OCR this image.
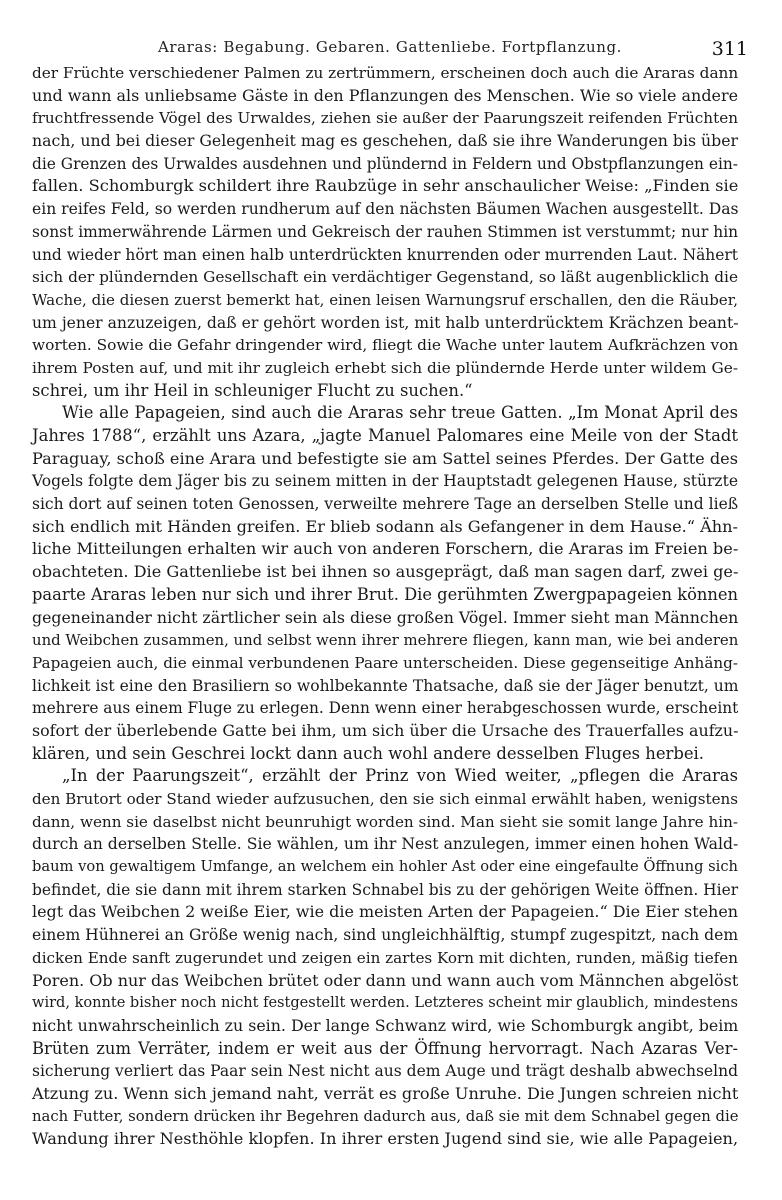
Araras: Begabung. Gebaren. Gattenliebe. Fortpflanzung.	311
der Früchte verschiedener Palmen zu zertrümmern, erscheinen doch auch die Araras dann
und wann als unliebsame Gäste in den Pflanzungen des Menschen. Wie so viele andere
fruchtfressende Vögel des Urwaldes, ziehen sie außer der Paarungszeit reifenden Früchten
nach, und bei dieser Gelegenheit mag es geschehen, daß sie ihre Wanderungen bis über
die Grenzen des Urwaldes ausdehnen und plündernd in Feldern und Obstpflanzungen ein-
fallen. Schomburgk schildert ihre Raubzüge in sehr anschaulicher Weise: „Finden sie
ein reifes Feld, so werden rundherum auf den nächsten Bäumen Wachen ausgestellt. Das
sonst immerwährende Lärmen und Gekreisch der rauhen Stimmen ist verstummt; nur hin
und wieder hört man einen halb unterdrückten knurrenden oder murrenden Laut. Nähert
sich der plündernden Gesellschaft ein verdächtiger Gegenstand, so läßt augenblicklich die
Wache, die diesen zuerst bemerkt hat, einen leisen Warnungsruf erschallen, den die Räuber,
um jener anzuzeigen, daß er gehört worden ist, mit halb unterdrücktem Krächzen beant-
worten. Sowie die Gefahr dringender wird, fliegt die Wache unter lautem Aufkrächzen von
ihrem Posten auf, und mit ihr zugleich erhebt sich die plündernde Herde unter wildem Ge-
schrei, um ihr Heil in schleuniger Flucht zu suchen.“
Wie alle Papageien, sind auch die Araras sehr treue Gatten. „Im Monat April des
Jahres 1788“, erzählt uns Azara, „jagte Manuel Palomares eine Meile von der Stadt
Paraguay, schoß eine Arara und befestigte sie am Sattel seines Pferdes. Der Gatte des
Vogels folgte dem Jäger bis zu seinem mitten in der Hauptstadt gelegenen Hause, stürzte
sich dort auf seinen toten Genossen, verweilte mehrere Tage an derselben Stelle und ließ
sich endlich mit Händen greifen. Er blieb sodann als Gefangener in dem Hause.“ Ähn-
liche Mitteilungen erhalten wir auch von anderen Forschern, die Araras im Freien be-
obachteten. Die Gattenliebe ist bei ihnen so ausgeprägt, daß man sagen darf, zwei ge-
paarte Araras leben nur sich und ihrer Brut. Die gerühmten Zwergpapageien können
gegeneinander nicht zärtlicher sein als diese großen Vögel. Immer sieht man Männchen
und Weibchen zusammen, und selbst wenn ihrer mehrere fliegen, kann man, wie bei anderen
Papageien auch, die einmal verbundenen Paare unterscheiden. Diese gegenseitige Anhäng-
lichkeit ist eine den Brasiliern so wohlbekannte Thatsache, daß sie der Jäger benutzt, um
mehrere aus einem Fluge zu erlegen. Denn wenn einer herabgeschossen wurde, erscheint
sofort der überlebende Gatte bei ihm, um sich über die Ursache des Trauerfalles aufzu-
klären, und sein Geschrei lockt dann auch wohl andere desselben Fluges herbei.
„In der Paarungszeit“, erzählt der Prinz von Wied weiter, „pflegen die Araras
den Brutort oder Stand wieder aufzusuchen, den sie sich einmal erwählt haben, wenigstens
dann, wenn sie daselbst nicht beunruhigt worden sind. Man sieht sie somit lange Jahre hin-
durch an derselben Stelle. Sie wählen, um ihr Nest anzulegen, immer einen hohen Wald-
baum von gewaltigem Umfange, an welchem ein hohler Ast oder eine eingefaulte Öffnung sich
befindet, die sie dann mit ihrem starken Schnabel bis zu der gehörigen Weite öffnen. Hier
legt das Weibchen 2 weiße Eier, wie die meisten Arten der Papageien.“ Die Eier stehen
einem Hühnerei an Größe wenig nach, sind ungleichhälftig, stumpf zugespitzt, nach dem
dicken Ende sanft zugerundet und zeigen ein zartes Korn mit dichten, runden, mäßig tiefen
Poren. Ob nur das Weibchen brütet oder dann und wann auch vom Männchen abgelöst
wird, konnte bisher noch nicht festgestellt werden. Letzteres scheint mir glaublich, mindestens
nicht unwahrscheinlich zu sein. Der lange Schwanz wird, wie Schomburgk angibt, beim
Brüten zum Verräter, indem er weit aus der Öffnung hervorragt. Nach Azaras Ver-
sicherung verliert das Paar sein Nest nicht aus dem Auge und trägt deshalb abwechselnd
Atzung zu. Wenn sich jemand naht, verrät es große Unruhe. Die Jungen schreien nicht
nach Futter, sondern drücken ihr Begehren dadurch aus, daß sie mit dem Schnabel gegen die
Wandung ihrer Nesthöhle klopfen. In ihrer ersten Jugend sind sie, wie alle Papageien,
